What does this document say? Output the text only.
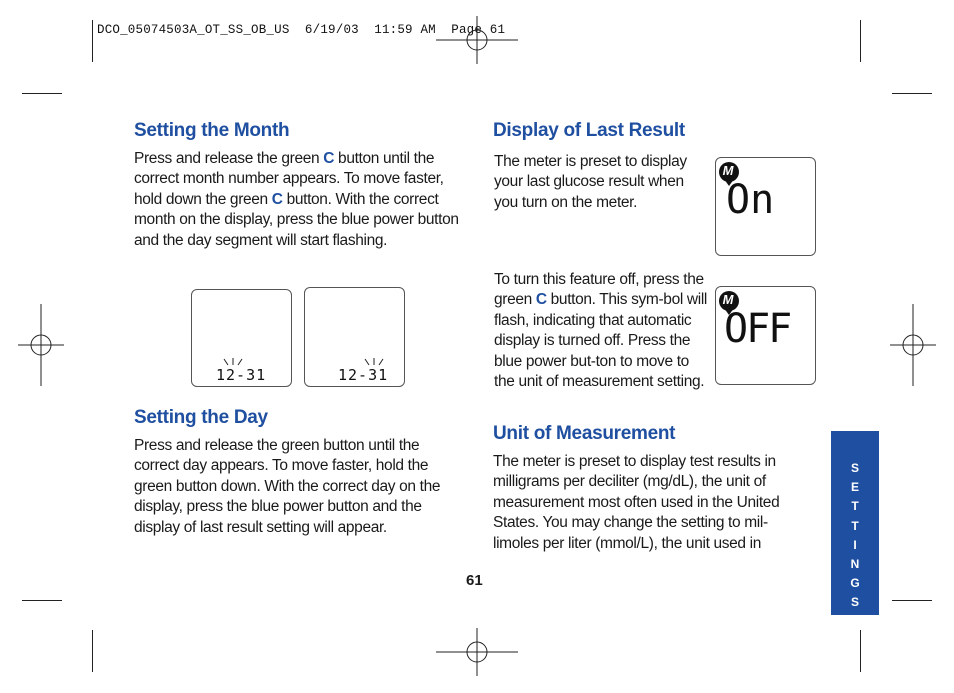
DCO_05074503A_OT_SS_OB_US  6/19/03  11:59 AM  Page 61
Setting the Month
Press and release the green C button until the correct month number appears. To move faster, hold down the green C button. With the correct month on the display, press the blue power button and the day segment will start flashing.
12-31	12-31
Setting the Day
Press and release the green button until the correct day appears. To move faster, hold the green button down. With the correct day on the display, press the blue power button and the display of last result setting will appear.
Display of Last Result
The meter is preset to display your last glucose result when you turn on the meter.
M
On
To turn this feature off, press the green C button. This sym-bol will flash, indicating that automatic display is turned off. Press the blue power but-ton to move to the unit of measurement setting.
M
OFF
Unit of Measurement
The meter is preset to display test results in milligrams per deciliter (mg/dL), the unit of measurement most often used in the United States. You may change the setting to mil-limoles per liter (mmol/L), the unit used in
61
S
E
T
T
I
N
G
S
